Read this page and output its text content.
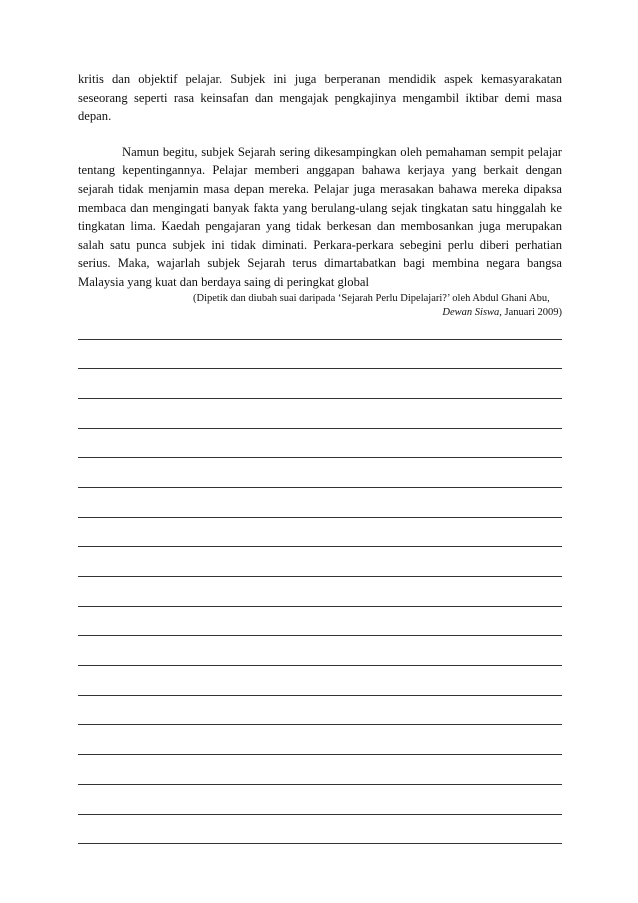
kritis dan objektif pelajar. Subjek ini juga berperanan mendidik aspek kemasyarakatan seseorang seperti rasa keinsafan dan mengajak pengkajinya mengambil iktibar demi masa depan.

Namun begitu, subjek Sejarah sering dikesampingkan oleh pemahaman sempit pelajar tentang kepentingannya. Pelajar memberi anggapan bahawa kerjaya yang berkait dengan sejarah tidak menjamin masa depan mereka. Pelajar juga merasakan bahawa mereka dipaksa membaca dan mengingati banyak fakta yang berulang-ulang sejak tingkatan satu hinggalah ke tingkatan lima. Kaedah pengajaran yang tidak berkesan dan membosankan juga merupakan salah satu punca subjek ini tidak diminati. Perkara-perkara sebegini perlu diberi perhatian serius. Maka, wajarlah subjek Sejarah terus dimartabatkan bagi membina negara bangsa Malaysia yang kuat dan berdaya saing di peringkat global

(Dipetik dan diubah suai daripada ‘Sejarah Perlu Dipelajari?’ oleh Abdul Ghani Abu,

Dewan Siswa, Januari 2009)
